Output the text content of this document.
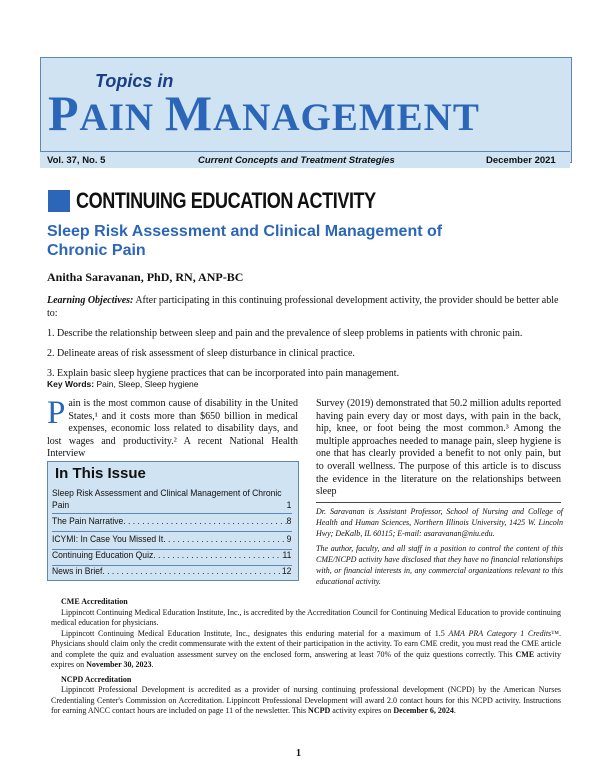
Topics in
PAIN MANAGEMENT
Vol. 37, No. 5	Current Concepts and Treatment Strategies	December 2021
CONTINUING EDUCATION ACTIVITY
Sleep Risk Assessment and Clinical Management of Chronic Pain
Anitha Saravanan, PhD, RN, ANP-BC

Learning Objectives: After participating in this continuing professional development activity, the provider should be better able to:

1. Describe the relationship between sleep and pain and the prevalence of sleep problems in patients with chronic pain.

2. Delineate areas of risk assessment of sleep disturbance in clinical practice.

3. Explain basic sleep hygiene practices that can be incorporated into pain management.

Key Words: Pain, Sleep, Sleep hygiene
Pain is the most common cause of disability in the United States,¹ and it costs more than $650 billion in medical expenses, economic loss related to disability days, and lost wages and productivity.² A recent National Health Interview
Survey (2019) demonstrated that 50.2 million adults reported having pain every day or most days, with pain in the back, hip, knee, or foot being the most common.³ Among the multiple approaches needed to manage pain, sleep hygiene is one that has clearly provided a benefit to not only pain, but to overall wellness. The purpose of this article is to discuss the evidence in the literature on the relationships between sleep
In This Issue
Sleep Risk Assessment and Clinical Management of Chronic Pain	1
The Pain Narrative . . .	8
ICYMI: In Case You Missed It . . .	9
Continuing Education Quiz . . .	11
News in Brief . . .	12

Dr. Saravanan is Assistant Professor, School of Nursing and College of Health and Human Sciences, Northern Illinois University, 1425 W. Lincoln Hwy; DeKalb, IL 60115; E-mail: asaravanan@niu.edu.

The author, faculty, and all staff in a position to control the content of this CME/NCPD activity have disclosed that they have no financial relationships with, or financial interests in, any commercial organizations relevant to this educational activity.

CME Accreditation

Lippincott Continuing Medical Education Institute, Inc., is accredited by the Accreditation Council for Continuing Medical Education to provide continuing medical education for physicians.

Lippincott Continuing Medical Education Institute, Inc., designates this enduring material for a maximum of 1.5 AMA PRA Category 1 Credits™. Physicians should claim only the credit commensurate with the extent of their participation in the activity. To earn CME credit, you must read the CME article and complete the quiz and evaluation assessment survey on the enclosed form, answering at least 70% of the quiz questions correctly. This CME activity expires on November 30, 2023.

NCPD Accreditation

Lippincott Professional Development is accredited as a provider of nursing continuing professional development (NCPD) by the American Nurses Credentialing Center's Commission on Accreditation. Lippincott Professional Development will award 2.0 contact hours for this NCPD activity. Instructions for earning ANCC contact hours are included on page 11 of the newsletter. This NCPD activity expires on December 6, 2024.

1
